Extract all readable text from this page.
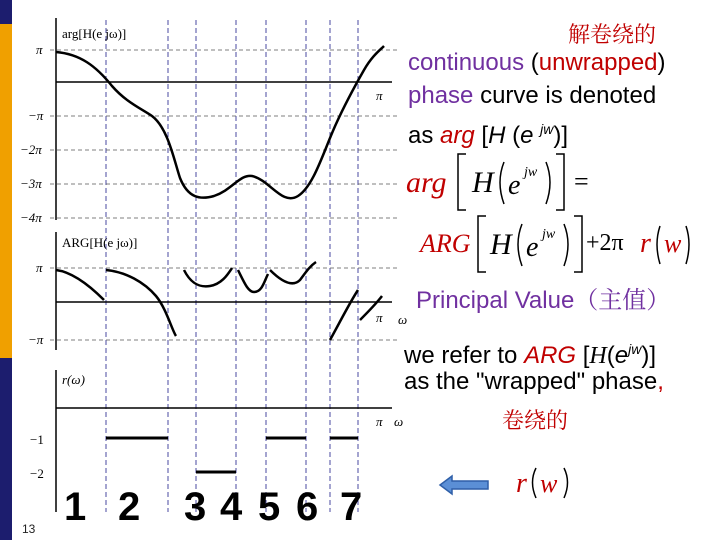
13
arg[H(e jω)]
π
−π
−2π
−3π
−4π
π
ARG[H(e jω)]
π
−π
π ω
r(ω)
−1
−2
π ω
1 2 3 4 5 6 7
解卷绕的
continuous (unwrapped)
phase curve is denoted
as arg [H (e $^{jw}$)]
arg H e jw =
ARG H e jw +2π r w
Principal Value（主值）
we refer to ARG $[H(e^{jw})]$
as the "wrapped" phase,
卷绕的
r w
